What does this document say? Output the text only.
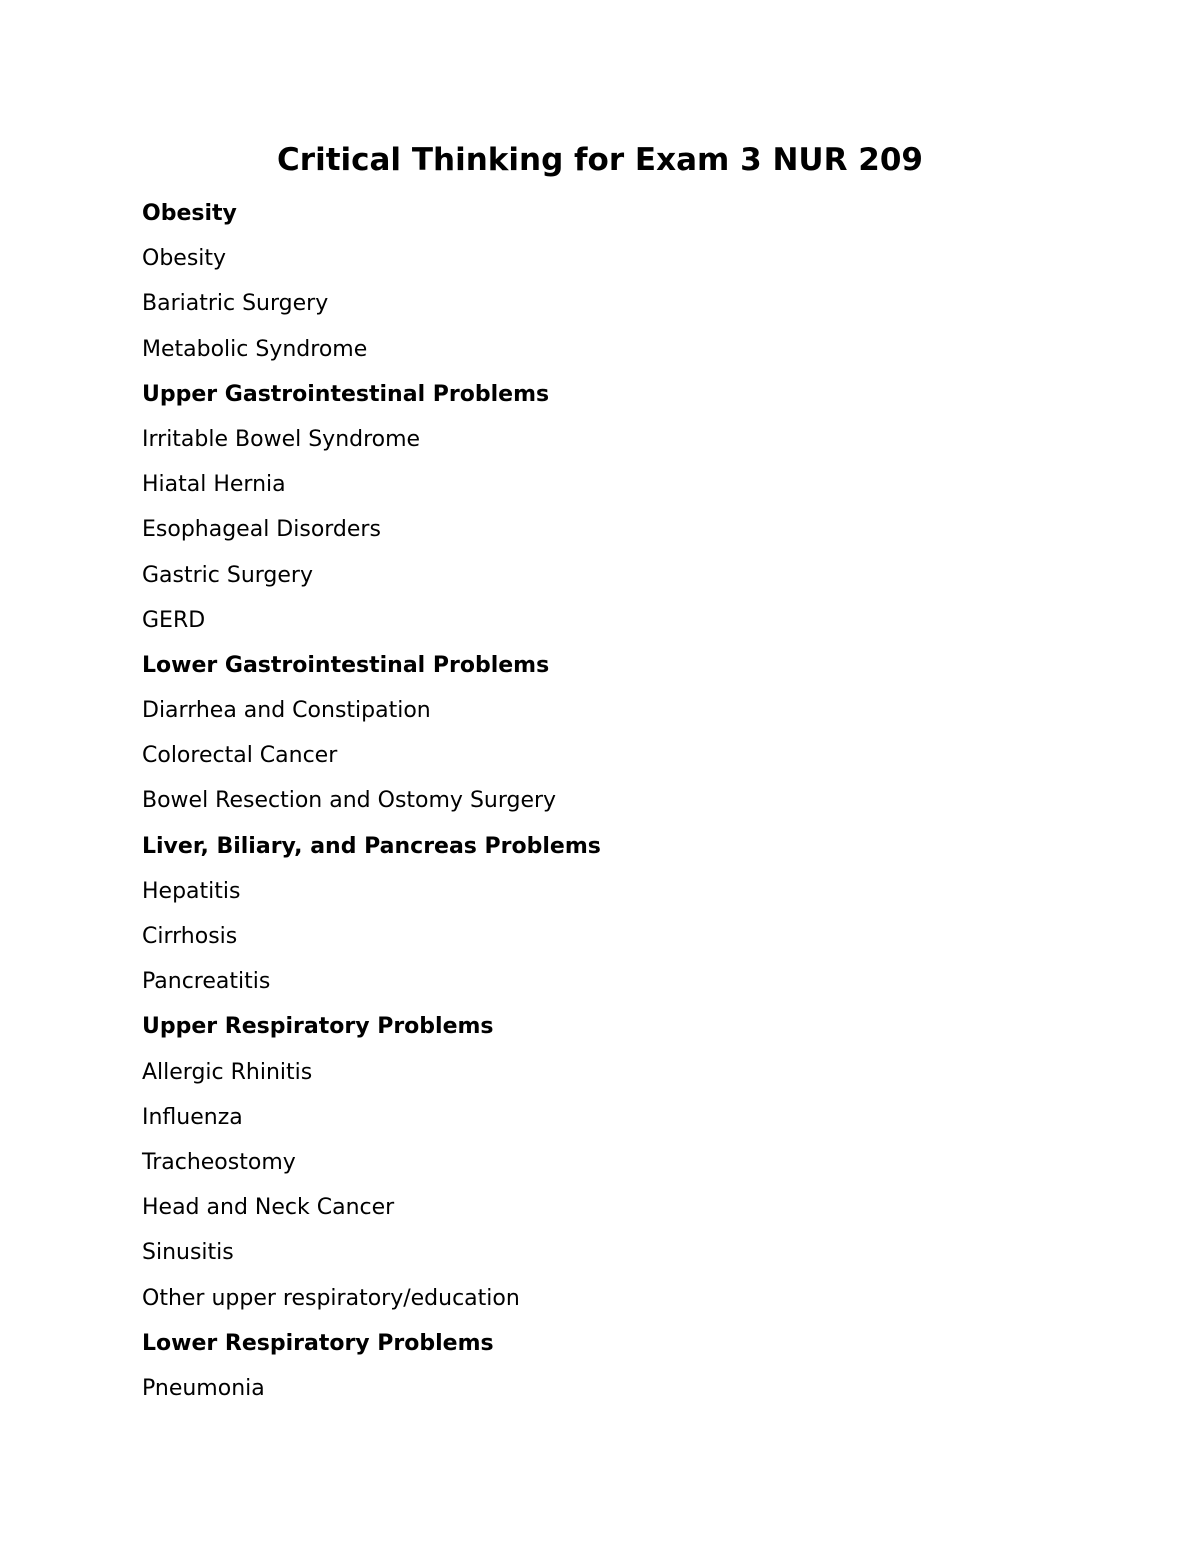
Critical Thinking for Exam 3 NUR 209
Obesity
Obesity
Bariatric Surgery
Metabolic Syndrome
Upper Gastrointestinal Problems
Irritable Bowel Syndrome
Hiatal Hernia
Esophageal Disorders
Gastric Surgery
GERD
Lower Gastrointestinal Problems
Diarrhea and Constipation
Colorectal Cancer
Bowel Resection and Ostomy Surgery
Liver, Biliary, and Pancreas Problems
Hepatitis
Cirrhosis
Pancreatitis
Upper Respiratory Problems
Allergic Rhinitis
Influenza
Tracheostomy
Head and Neck Cancer
Sinusitis
Other upper respiratory/education
Lower Respiratory Problems
Pneumonia
